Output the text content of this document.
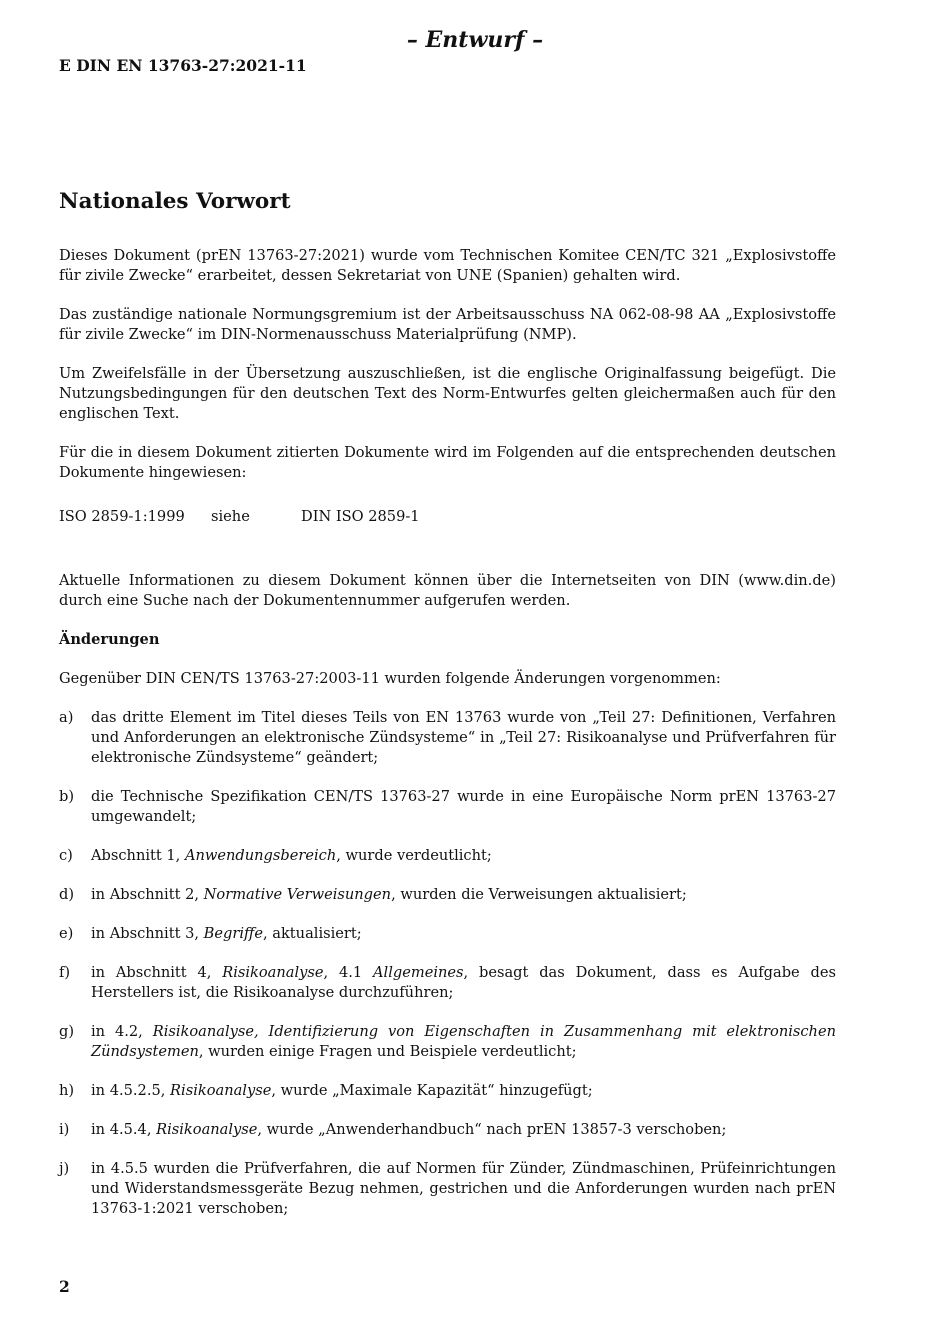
– Entwurf –
E DIN EN 13763-27:2021-11
Nationales Vorwort

Dieses Dokument (prEN 13763-27:2021) wurde vom Technischen Komitee CEN/TC 321 „Explosivstoffe für zivile Zwecke“ erarbeitet, dessen Sekretariat von UNE (Spanien) gehalten wird.

Das zuständige nationale Normungsgremium ist der Arbeitsausschuss NA 062-08-98 AA „Explosivstoffe für zivile Zwecke“ im DIN-Normenausschuss Materialprüfung (NMP).

Um Zweifelsfälle in der Übersetzung auszuschließen, ist die englische Originalfassung beigefügt. Die Nutzungsbedingungen für den deutschen Text des Norm-Entwurfes gelten gleichermaßen auch für den englischen Text.

Für die in diesem Dokument zitierten Dokumente wird im Folgenden auf die entsprechenden deutschen Dokumente hingewiesen:

ISO 2859-1:1999	siehe	DIN ISO 2859-1

Aktuelle Informationen zu diesem Dokument können über die Internetseiten von DIN (www.din.de) durch eine Suche nach der Dokumentennummer aufgerufen werden.

Änderungen

Gegenüber DIN CEN/TS 13763-27:2003-11 wurden folgende Änderungen vorgenommen:

a)	das dritte Element im Titel dieses Teils von EN 13763 wurde von „Teil 27: Definitionen, Verfahren und Anforderungen an elektronische Zündsysteme“ in „Teil 27: Risikoanalyse und Prüfverfahren für elektronische Zündsysteme“ geändert;
b)	die Technische Spezifikation CEN/TS 13763-27 wurde in eine Europäische Norm prEN 13763-27 umgewandelt;
c)	Abschnitt 1, Anwendungsbereich, wurde verdeutlicht;
d)	in Abschnitt 2, Normative Verweisungen, wurden die Verweisungen aktualisiert;
e)	in Abschnitt 3, Begriffe, aktualisiert;
f)	in Abschnitt 4, Risikoanalyse, 4.1 Allgemeines, besagt das Dokument, dass es Aufgabe des Herstellers ist, die Risikoanalyse durchzuführen;
g)	in 4.2, Risikoanalyse, Identifizierung von Eigenschaften in Zusammenhang mit elektronischen Zündsystemen, wurden einige Fragen und Beispiele verdeutlicht;
h)	in 4.5.2.5, Risikoanalyse, wurde „Maximale Kapazität“ hinzugefügt;
i)	in 4.5.4, Risikoanalyse, wurde „Anwenderhandbuch“ nach prEN 13857-3 verschoben;
j)	in 4.5.5 wurden die Prüfverfahren, die auf Normen für Zünder, Zündmaschinen, Prüfeinrichtungen und Widerstandsmessgeräte Bezug nehmen, gestrichen und die Anforderungen wurden nach prEN 13763-1:2021 verschoben;
2
